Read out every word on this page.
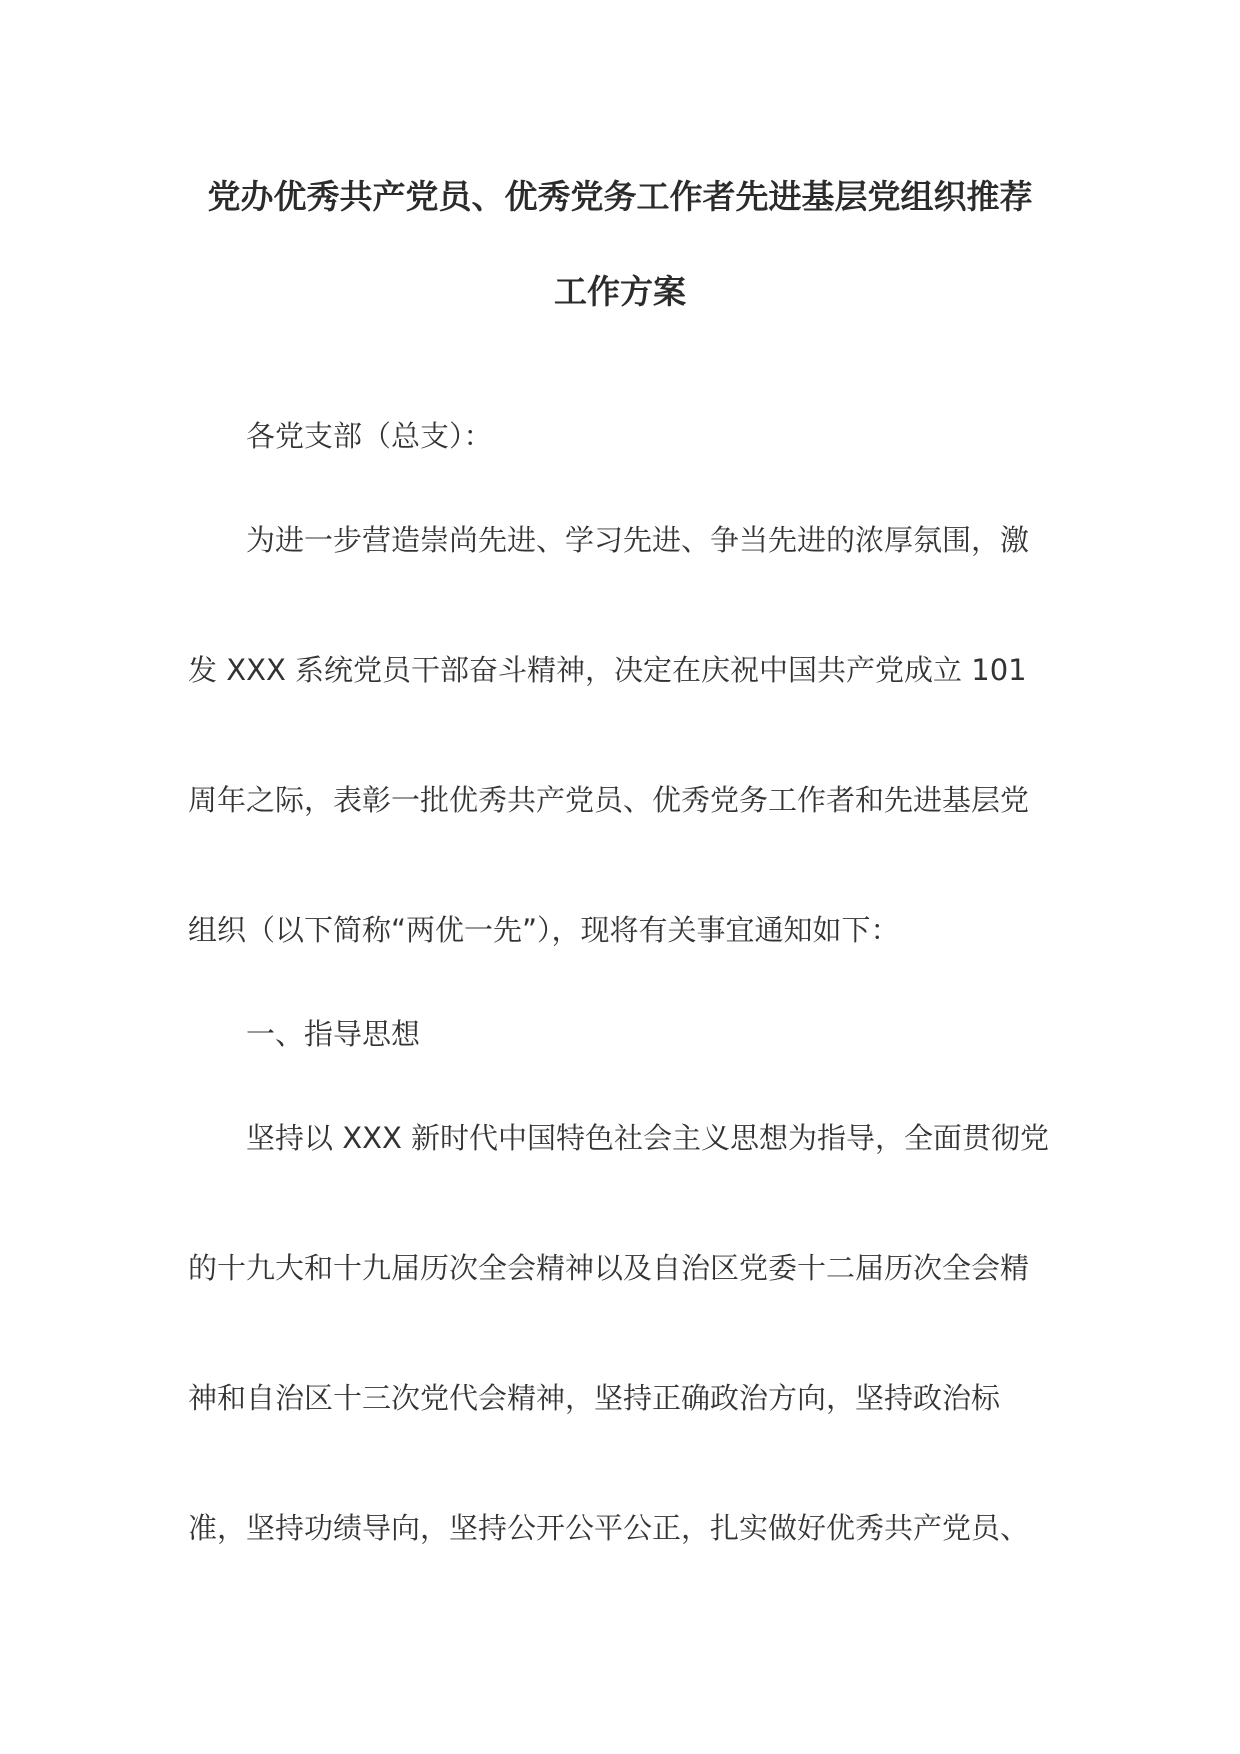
党办优秀共产党员、优秀党务工作者先进基层党组织推荐
工作方案

各党支部（总支）：

为进一步营造崇尚先进、学习先进、争当先进的浓厚氛围，激

发 XXX 系统党员干部奋斗精神，决定在庆祝中国共产党成立 101

周年之际，表彰一批优秀共产党员、优秀党务工作者和先进基层党

组织（以下简称“两优一先”），现将有关事宜通知如下：

一、指导思想

坚持以 XXX 新时代中国特色社会主义思想为指导，全面贯彻党

的十九大和十九届历次全会精神以及自治区党委十二届历次全会精

神和自治区十三次党代会精神，坚持正确政治方向，坚持政治标

准，坚持功绩导向，坚持公开公平公正，扎实做好优秀共产党员、
